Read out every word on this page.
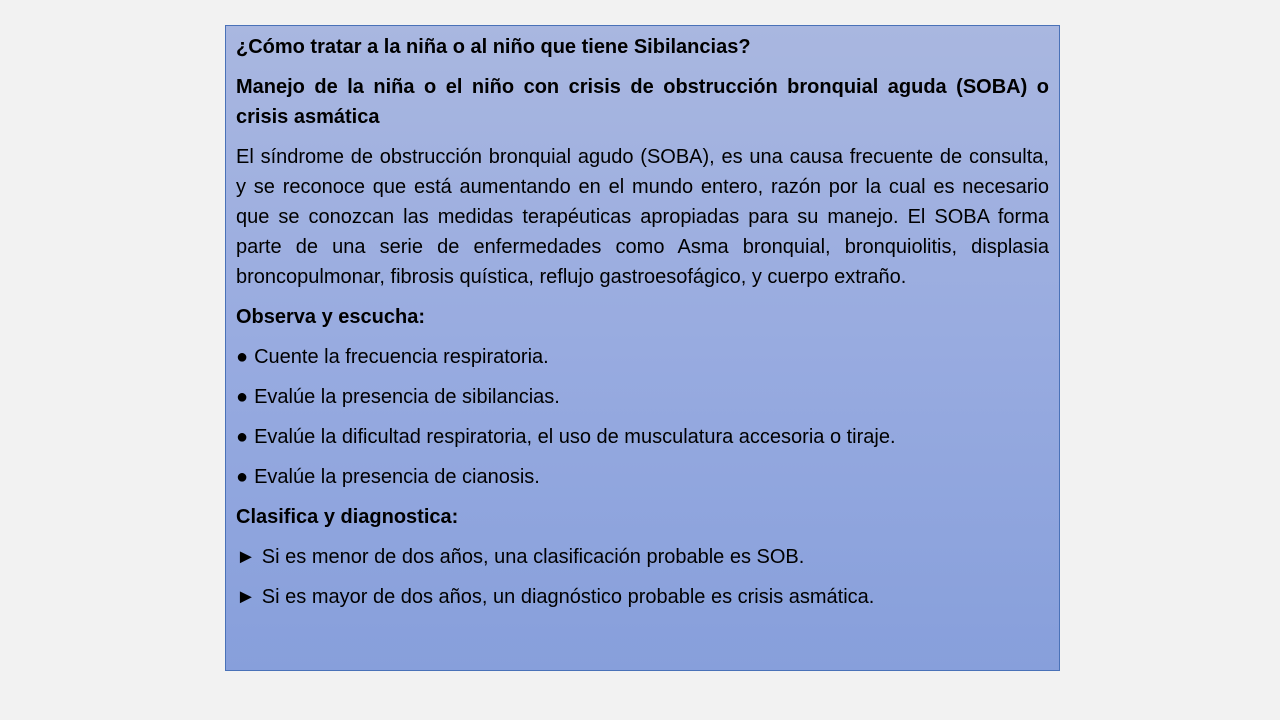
¿Cómo tratar a la niña o al niño que tiene Sibilancias?

Manejo de la niña o el niño con crisis de obstrucción bronquial aguda (SOBA) o crisis asmática

El síndrome de obstrucción bronquial agudo (SOBA), es una causa frecuente de consulta, y se reconoce que está aumentando en el mundo entero, razón por la cual es necesario que se conozcan las medidas terapéuticas apropiadas para su manejo. El SOBA forma parte de una serie de enfermedades como Asma bronquial, bronquiolitis, displasia broncopulmonar, fibrosis quística, reflujo gastroesofágico, y cuerpo extraño.

Observa y escucha:

● Cuente la frecuencia respiratoria.
● Evalúe la presencia de sibilancias.
● Evalúe la dificultad respiratoria, el uso de musculatura accesoria o tiraje.
● Evalúe la presencia de cianosis.

Clasifica y diagnostica:

► Si es menor de dos años, una clasificación probable es SOB.
► Si es mayor de dos años, un diagnóstico probable es crisis asmática.
